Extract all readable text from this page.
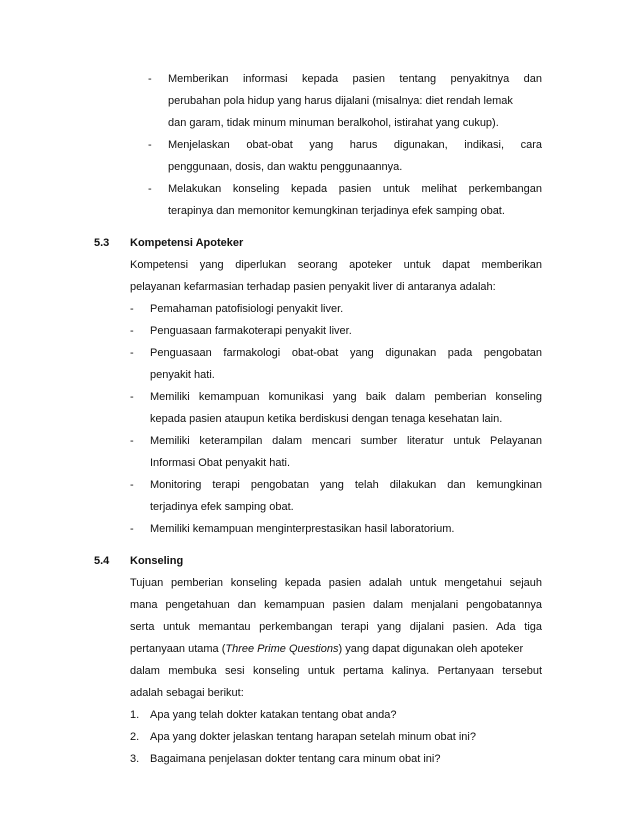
- Memberikan informasi kepada pasien tentang penyakitnya dan
perubahan pola hidup yang harus dijalani (misalnya: diet rendah lemak
dan garam, tidak minum minuman beralkohol, istirahat yang cukup).
- Menjelaskan obat-obat yang harus digunakan, indikasi, cara
penggunaan, dosis, dan waktu penggunaannya.
- Melakukan konseling kepada pasien untuk melihat perkembangan
terapinya dan memonitor kemungkinan terjadinya efek samping obat.
5.3 Kompetensi Apoteker
Kompetensi yang diperlukan seorang apoteker untuk dapat memberikan
pelayanan kefarmasian terhadap pasien penyakit liver di antaranya adalah:
- Pemahaman patofisiologi penyakit liver.
- Penguasaan farmakoterapi penyakit liver.
- Penguasaan farmakologi obat-obat yang digunakan pada pengobatan
penyakit hati.
- Memiliki kemampuan komunikasi yang baik dalam pemberian konseling
kepada pasien ataupun ketika berdiskusi dengan tenaga kesehatan lain.
- Memiliki keterampilan dalam mencari sumber literatur untuk Pelayanan
Informasi Obat penyakit hati.
- Monitoring terapi pengobatan yang telah dilakukan dan kemungkinan
terjadinya efek samping obat.
- Memiliki kemampuan menginterprestasikan hasil laboratorium.
5.4 Konseling
Tujuan pemberian konseling kepada pasien adalah untuk mengetahui sejauh
mana pengetahuan dan kemampuan pasien dalam menjalani pengobatannya
serta untuk memantau perkembangan terapi yang dijalani pasien. Ada tiga
pertanyaan utama (Three Prime Questions) yang dapat digunakan oleh apoteker
dalam membuka sesi konseling untuk pertama kalinya. Pertanyaan tersebut
adalah sebagai berikut:
1. Apa yang telah dokter katakan tentang obat anda?
2. Apa yang dokter jelaskan tentang harapan setelah minum obat ini?
3. Bagaimana penjelasan dokter tentang cara minum obat ini?
